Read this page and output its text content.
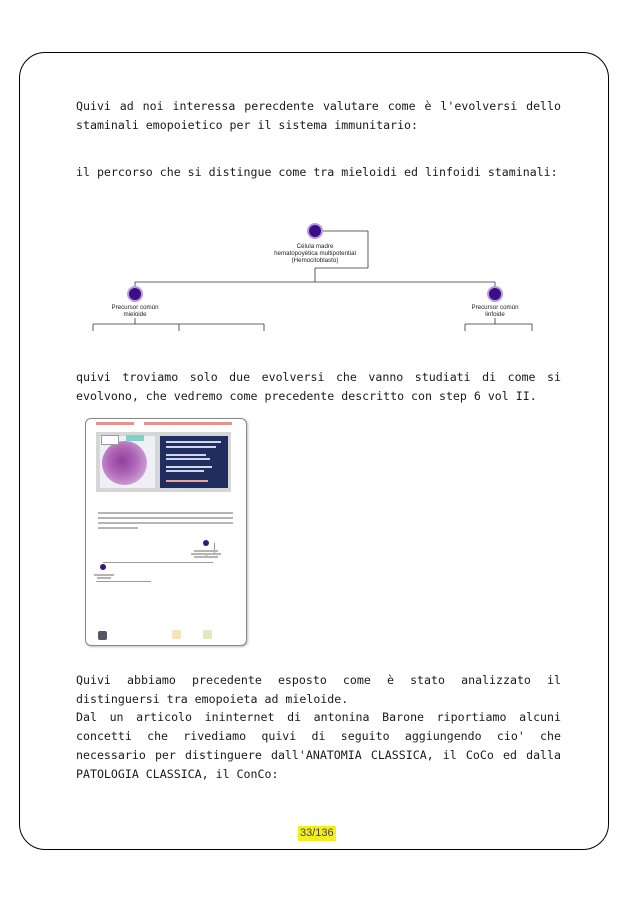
Quivi ad noi interessa perecdente valutare come è l'evolversi dello staminali emopoietico per il sistema immunitario:

il percorso che si distingue come tra mieloidi ed linfoidi staminali:

Célula madre
hematopoyética multipotential
(Hemocitoblasto)
Precursor común
mieloide
Precursor común
linfoide

quivi troviamo solo due evolversi che vanno studiati di come si evolvono, che vedremo come precedente descritto con step 6 vol II.

Quivi abbiamo precedente esposto come è stato analizzato il distinguersi tra emopoieta ad mieloide.

Dal un articolo ininternet di antonina Barone riportiamo alcuni concetti che rivediamo quivi di seguito aggiungendo cio' che necessario per distinguere dall'ANATOMIA CLASSICA, il CoCo ed dalla PATOLOGIA CLASSICA, il ConCo:

33/136
